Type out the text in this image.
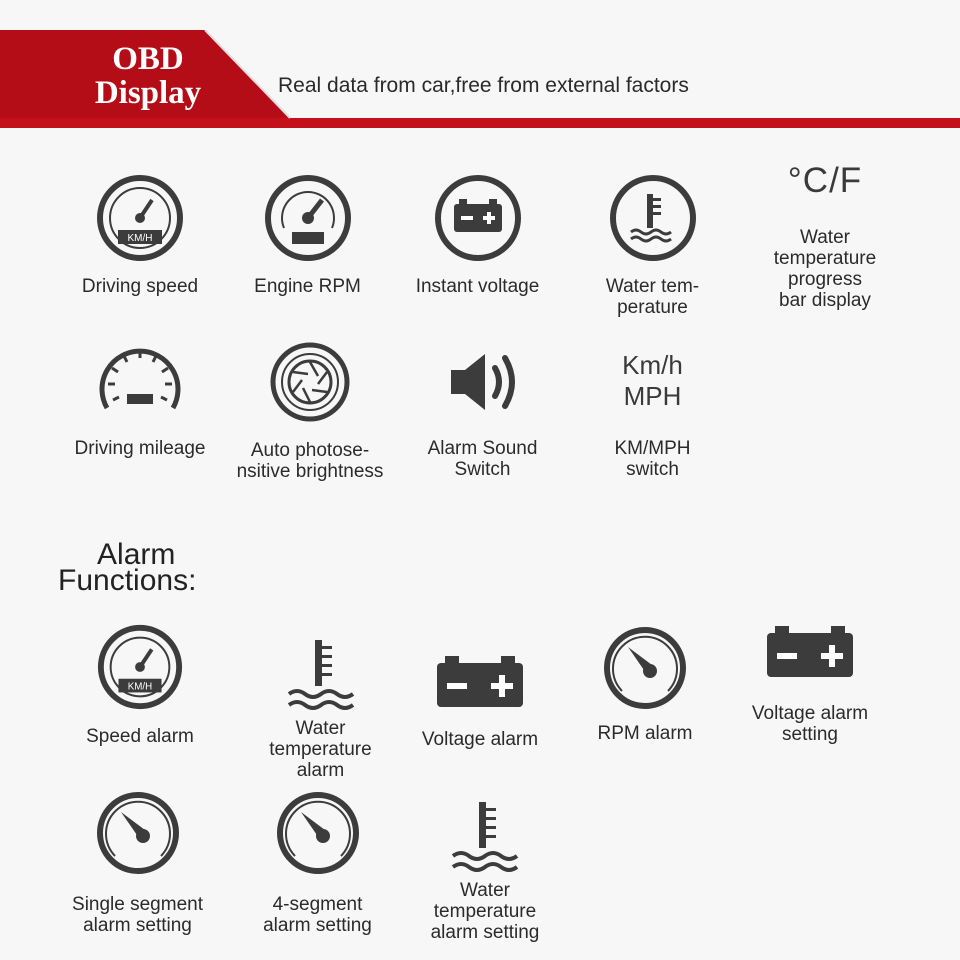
OBD
Display	Real data from car,free from external factors
KM/H
Driving speed	Engine RPM	Instant voltage	Water tem-
perature
°C/F
Water
temperature
progress
bar display
Driving mileage	Auto photose-
nsitive brightness
Alarm Sound
Switch
Km/h
MPH
KM/MPH
switch
Alarm
Functions:
KM/H
Speed alarm	Water
temperature
alarm
Voltage alarm	RPM alarm
Voltage alarm
setting
Single segment
alarm setting
4-segment
alarm setting
Water
temperature
alarm setting
